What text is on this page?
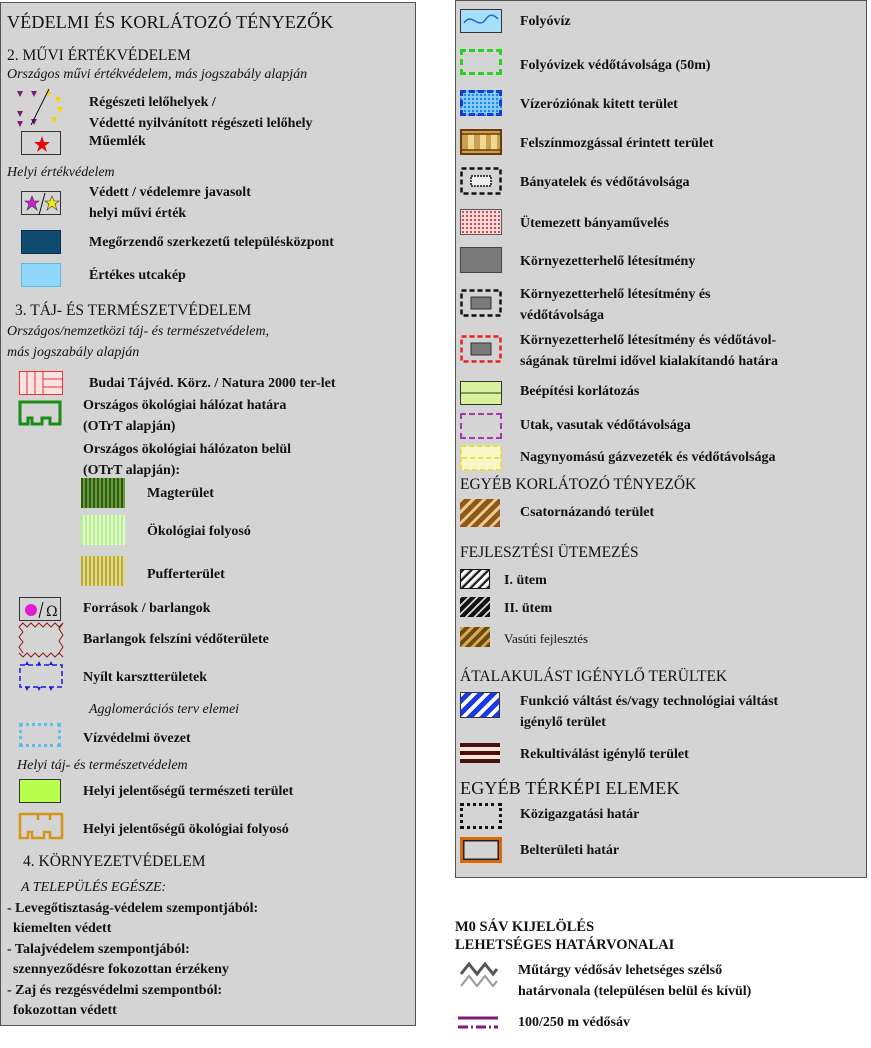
VÉDELMI ÉS KORLÁTOZÓ TÉNYEZŐK
2. MŰVI ÉRTÉKVÉDELEM
Országos művi értékvédelem, más jogszabály alapján
Régészeti lelőhelyek /
Védetté nyilvánított régészeti lelőhely
Műemlék
Helyi értékvédelem
Védett / védelemre javasolt
helyi művi érték
Megőrzendő szerkezetű településközpont
Értékes utcakép
3. TÁJ- ÉS TERMÉSZETVÉDELEM
Országos/nemzetközi táj- és természetvédelem,
más jogszabály alapján
Budai Tájvéd. Körz. / Natura 2000 ter-let
Országos ökológiai hálózat határa
(OTrT alapján)
Országos ökológiai hálózaton belül
(OTrT alapján):
Magterület
Ökológiai folyosó
Pufferterület
Ω Források / barlangok
Barlangok felszíni védőterülete
Nyílt karsztterületek
Agglomerációs terv elemei
Vízvédelmi övezet
Helyi táj- és természetvédelem
Helyi jelentőségű természeti terület
Helyi jelentőségű ökológiai folyosó
4. KÖRNYEZETVÉDELEM
A TELEPÜLÉS EGÉSZE:
- Levegőtisztaság-védelem szempontjából:
kiemelten védett
- Talajvédelem szempontjából:
szennyeződésre fokozottan érzékeny
- Zaj és rezgésvédelmi szempontból:
fokozottan védett
Folyóvíz
Folyóvizek védőtávolsága (50m)
Vízeróziónak kitett terület
Felszínmozgással érintett terület
Bányatelek és védőtávolsága
Ütemezett bányaművelés
Környezetterhelő létesítmény
Környezetterhelő létesítmény és
védőtávolsága
Környezetterhelő létesítmény és védőtávol-
ságának türelmi idővel kialakítandó határa
Beépítési korlátozás
Utak, vasutak védőtávolsága
Nagynyomású gázvezeték és védőtávolsága
EGYÉB KORLÁTOZÓ TÉNYEZŐK
Csatornázandó terület
FEJLESZTÉSI ÜTEMEZÉS
I. ütem
II. ütem
Vasúti fejlesztés
ÁTALAKULÁST IGÉNYLŐ TERÜLTEK
Funkció váltást és/vagy technológiai váltást
igénylő terület
Rekultiválást igénylő terület
EGYÉB TÉRKÉPI ELEMEK
Közigazgatási határ
Belterületi határ
M0 SÁV KIJELÖLÉS
LEHETSÉGES HATÁRVONALAI
Műtárgy védősáv lehetséges szélső
határvonala (településen belül és kívül)
100/250 m védősáv
